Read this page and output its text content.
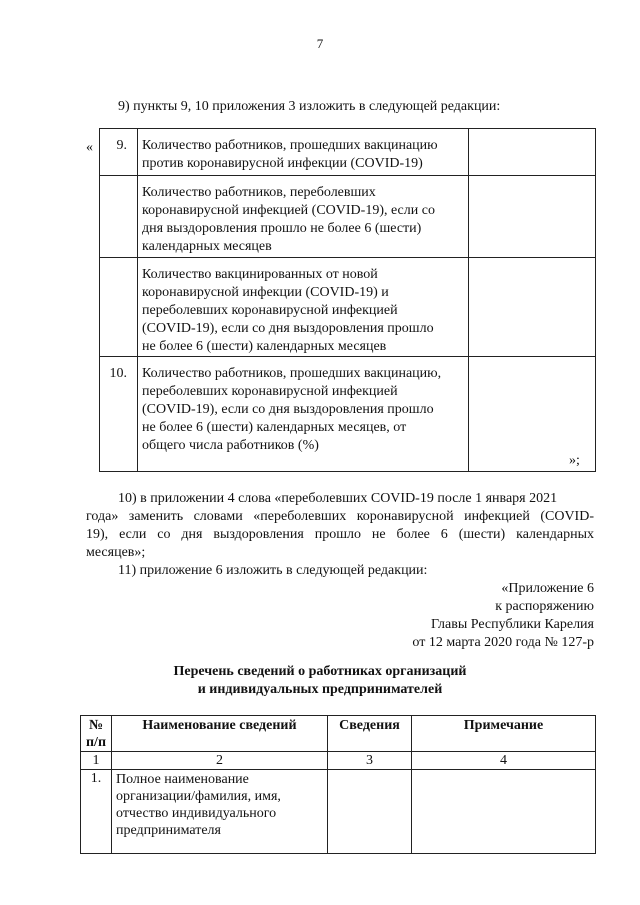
7
9) пункты 9, 10 приложения 3 изложить в следующей редакции:
« 9.	Количество работников, прошедших вакцинацию
против коронавирусной инфекции (COVID-19)	

	Количество работников, переболевших
коронавирусной инфекцией (COVID-19), если со
дня выздоровления прошло не более 6 (шести)
календарных месяцев	

	Количество вакцинированных от новой
коронавирусной инфекции (COVID-19) и
переболевших коронавирусной инфекцией
(COVID-19), если со дня выздоровления прошло
не более 6 (шести) календарных месяцев	

10.	Количество работников, прошедших вакцинацию,
переболевших коронавирусной инфекцией
(COVID-19), если со дня выздоровления прошло
не более 6 (шести) календарных месяцев, от
общего числа работников (%)	

»;
10) в приложении 4 слова «переболевших COVID-19 после 1 января 2021
года» заменить словами «переболевших коронавирусной инфекцией (COVID-
19), если со дня выздоровления прошло не более 6 (шести) календарных
месяцев»;
11) приложение 6 изложить в следующей редакции:
«Приложение 6
к распоряжению
Главы Республики Карелия
от 12 марта 2020 года № 127-р
Перечень сведений о работниках организаций
и индивидуальных предпринимателей
№
п/п	Наименование сведений	Сведения	Примечание
1	2	3	4
1.	Полное наименование
организации/фамилия, имя,
отчество индивидуального
предпринимателя		
